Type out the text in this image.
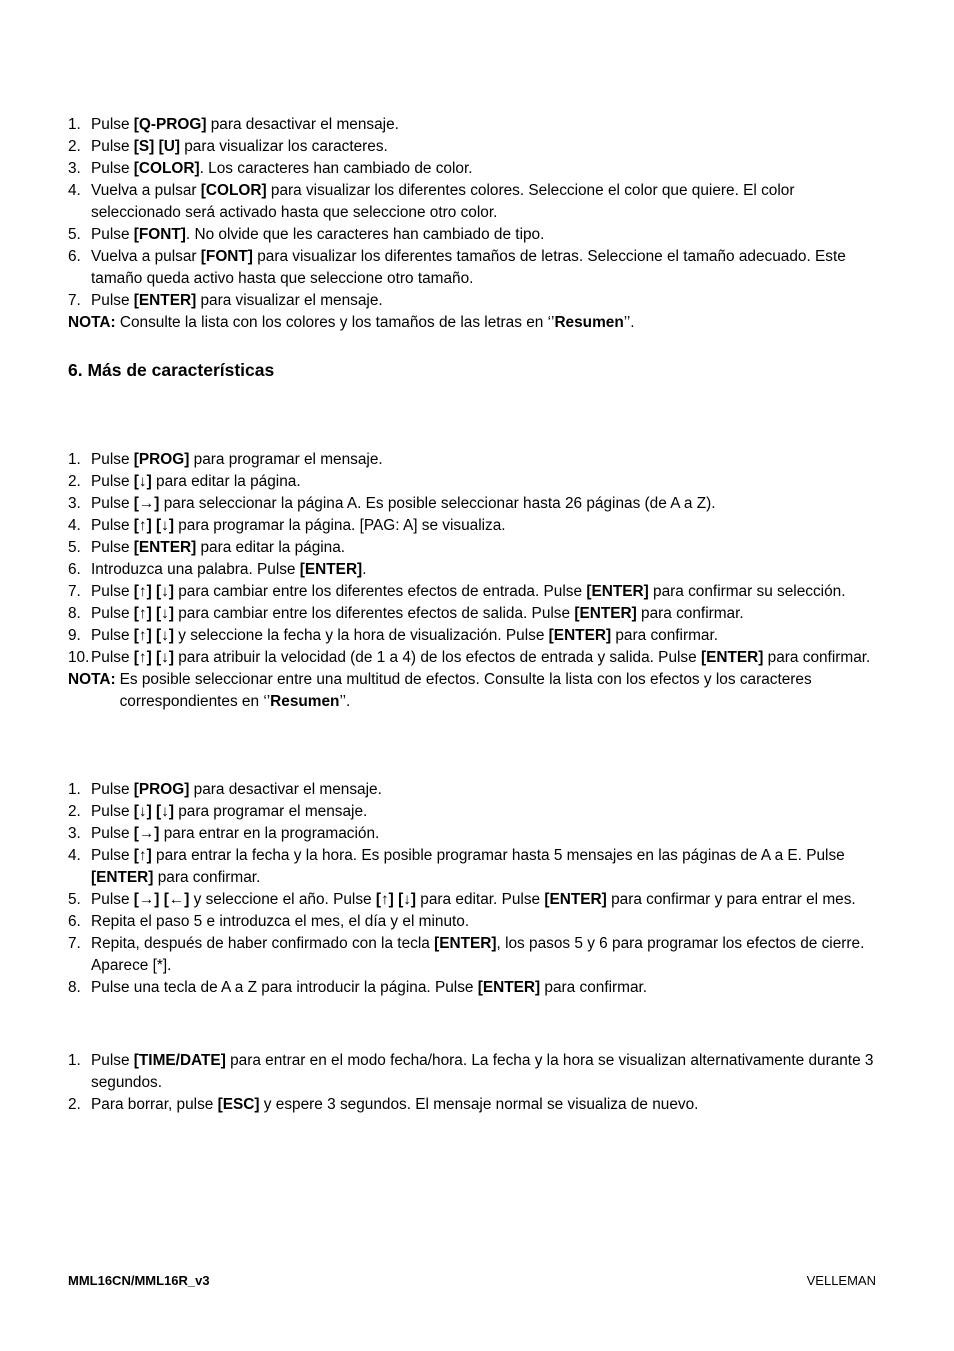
1. Pulse [Q-PROG] para desactivar el mensaje.
2. Pulse [S] [U] para visualizar los caracteres.
3. Pulse [COLOR]. Los caracteres han cambiado de color.
4. Vuelva a pulsar [COLOR] para visualizar los diferentes colores. Seleccione el color que quiere. El color seleccionado será activado hasta que seleccione otro color.
5. Pulse [FONT]. No olvide que les caracteres han cambiado de tipo.
6. Vuelva a pulsar [FONT] para visualizar los diferentes tamaños de letras. Seleccione el tamaño adecuado. Este tamaño queda activo hasta que seleccione otro tamaño.
7. Pulse [ENTER] para visualizar el mensaje.

NOTA: Consulte la lista con los colores y los tamaños de las letras en ‘’Resumen’’.

6. Más de características
1. Pulse [PROG] para programar el mensaje.
2. Pulse [↓] para editar la página.
3. Pulse [→] para seleccionar la página A. Es posible seleccionar hasta 26 páginas (de A a Z).
4. Pulse [↑] [↓] para programar la página. [PAG: A] se visualiza.
5. Pulse [ENTER] para editar la página.
6. Introduzca una palabra. Pulse [ENTER].
7. Pulse [↑] [↓] para cambiar entre los diferentes efectos de entrada. Pulse [ENTER] para confirmar su selección.
8. Pulse [↑] [↓] para cambiar entre los diferentes efectos de salida. Pulse [ENTER] para confirmar.
9. Pulse [↑] [↓] y seleccione la fecha y la hora de visualización. Pulse [ENTER] para confirmar.
10. Pulse [↑] [↓] para atribuir la velocidad (de 1 a 4) de los efectos de entrada y salida. Pulse [ENTER] para confirmar.
NOTA: Es posible seleccionar entre una multitud de efectos. Consulte la lista con los efectos y los caracteres correspondientes en ‘’Resumen’’.
1. Pulse [PROG] para desactivar el mensaje.
2. Pulse [↓] [↓] para programar el mensaje.
3. Pulse [→] para entrar en la programación.
4. Pulse [↑] para entrar la fecha y la hora. Es posible programar hasta 5 mensajes en las páginas de A a E. Pulse [ENTER] para confirmar.
5. Pulse [→] [←] y seleccione el año. Pulse [↑] [↓] para editar. Pulse [ENTER] para confirmar y para entrar el mes.
6. Repita el paso 5 e introduzca el mes, el día y el minuto.
7. Repita, después de haber confirmado con la tecla [ENTER], los pasos 5 y 6 para programar los efectos de cierre. Aparece [*].
8. Pulse una tecla de A a Z para introducir la página. Pulse [ENTER] para confirmar.
1. Pulse [TIME/DATE] para entrar en el modo fecha/hora. La fecha y la hora se visualizan alternativamente durante 3 segundos.
2. Para borrar, pulse [ESC] y espere 3 segundos. El mensaje normal se visualiza de nuevo.
MML16CN/MML16R_v3	VELLEMAN
